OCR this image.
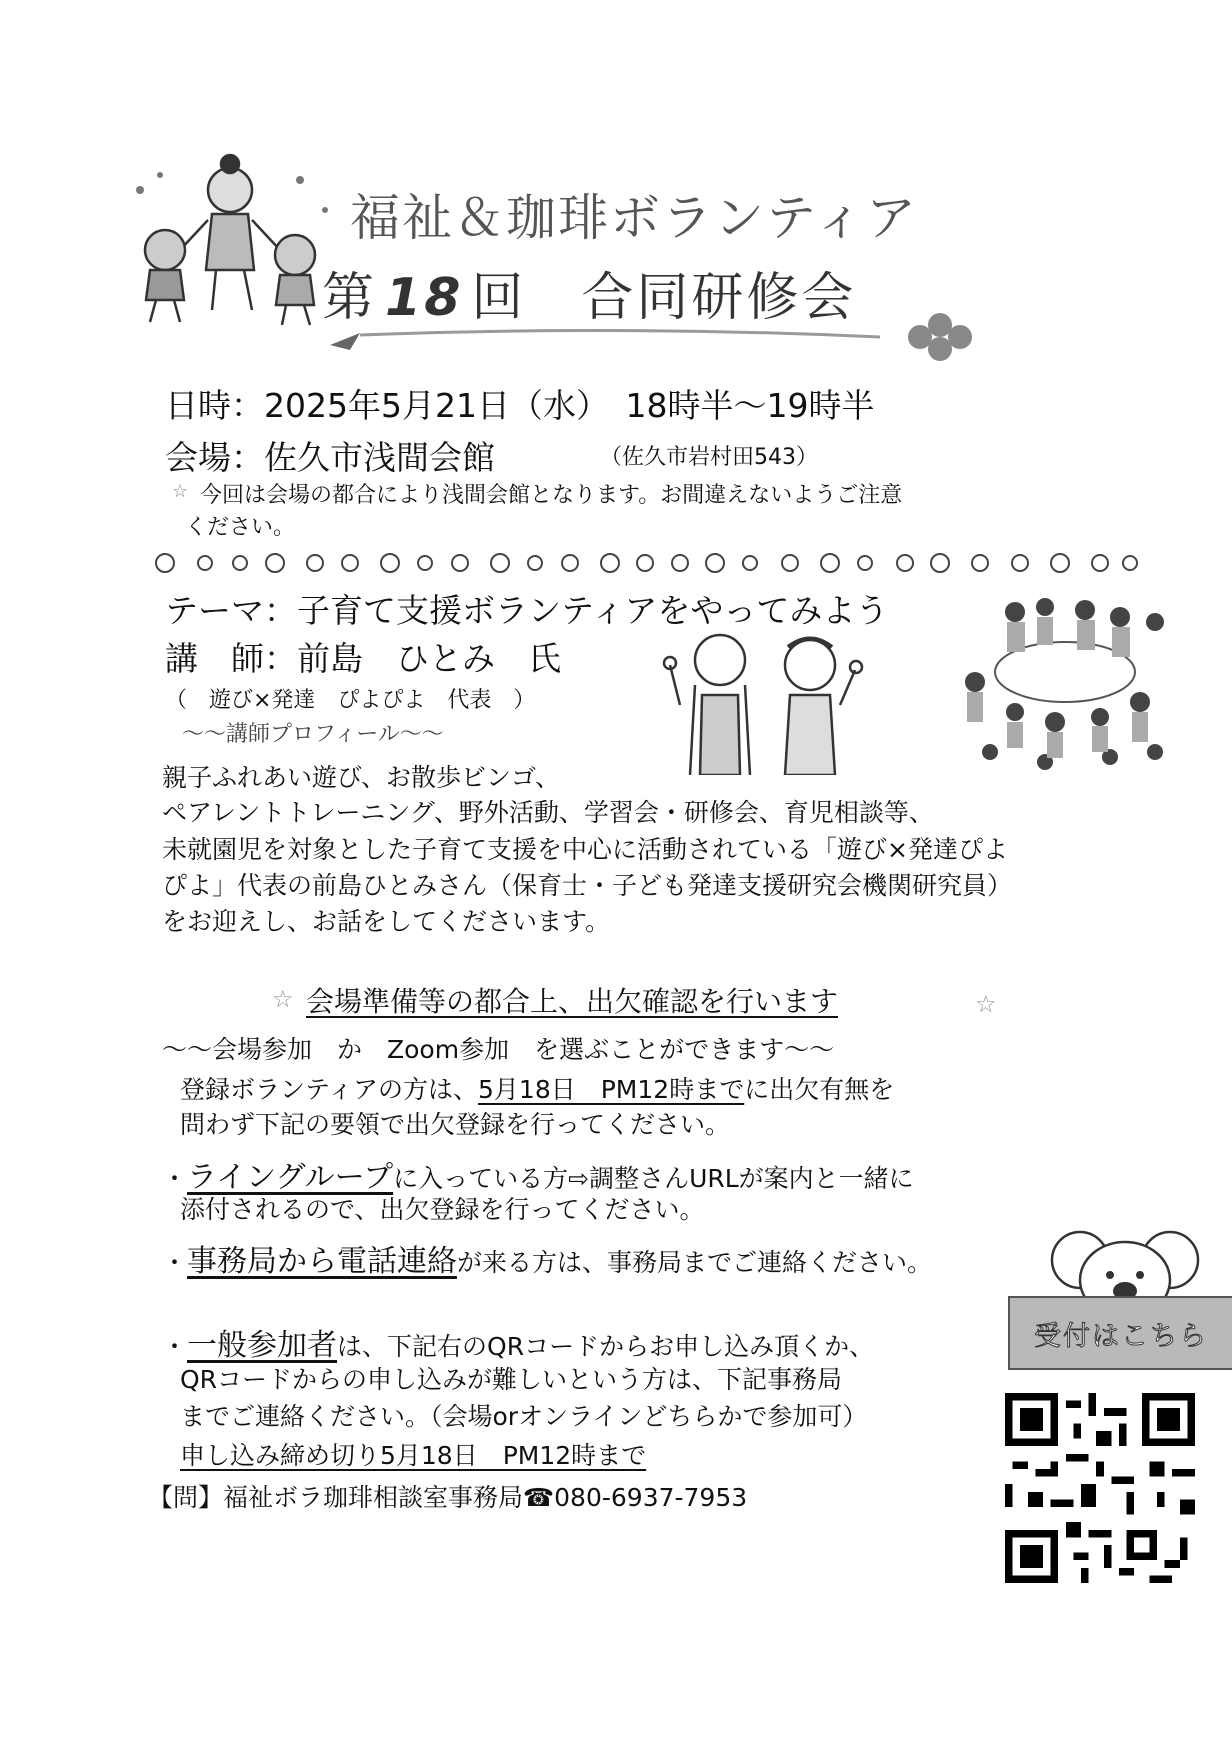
福祉＆珈琲ボランティア
第 18 回　合同研修会
日時：2025年5月21日（水）　18時半～19時半
会場：佐久市浅間会館	（佐久市岩村田543）
☆ 今回は会場の都合により浅間会館となります。お間違えないようご注意
ください。
テーマ：子育て支援ボランティアをやってみよう
講　師：前島　ひとみ　氏
（　遊び×発達　ぴよぴよ　代表　）
～～講師プロフィール～～
親子ふれあい遊び、お散歩ビンゴ、
ペアレントトレーニング、野外活動、学習会・研修会、育児相談等、
未就園児を対象とした子育て支援を中心に活動されている「遊び×発達ぴよ
ぴよ」代表の前島ひとみさん（保育士・子ども発達支援研究会機関研究員）
をお迎えし、お話をしてくださいます。
☆ 会場準備等の都合上、出欠確認を行います	☆
～～会場参加　か　Zoom参加　を選ぶことができます～～
登録ボランティアの方は、5月18日　PM12時までに出欠有無を
問わず下記の要領で出欠登録を行ってください。
・ライングループに入っている方⇨調整さんURLが案内と一緒に
添付されるので、出欠登録を行ってください。
・事務局から電話連絡が来る方は、事務局までご連絡ください。
・一般参加者は、下記右のQRコードからお申し込み頂くか、
QRコードからの申し込みが難しいという方は、下記事務局
までご連絡ください。（会場orオンラインどちらかで参加可）
申し込み締め切り5月18日　PM12時まで
【問】福祉ボラ珈琲相談室事務局☎080-6937-7953
受付はこちら
